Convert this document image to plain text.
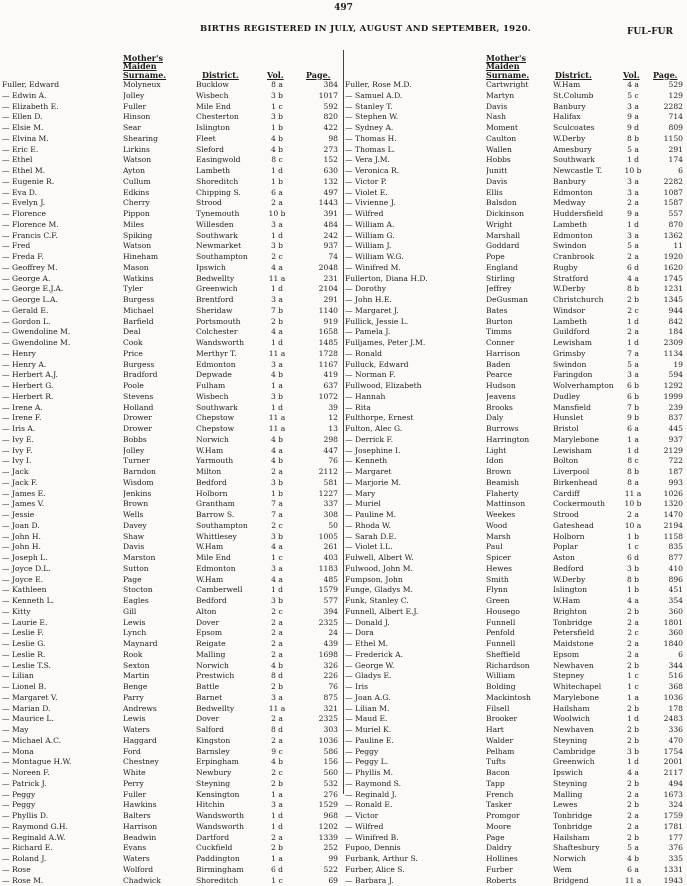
497
BIRTHS REGISTERED IN JULY, AUGUST AND SEPTEMBER, 1920.	FUL-FUR
Mother's
Maiden
Surname.	District.	Vol.	Page.
Fuller, Edward	Molyneux	Bucklow	8 a	384
— Edwin A.	Jolley	Wisbech	3 b	1017
— Elizabeth E.	Fuller	Mile End	1 c	592
— Ellen D.	Hinson	Chesterton	3 b	820
— Elsie M.	Sear	Islington	1 b	422
— Elvina M.	Shearing	Fleet	4 b	98
— Eric E.	Lirkins	Sleford	4 b	273
— Ethel	Watson	Easingwold	8 c	152
— Ethel M.	Ayton	Lambeth	1 d	630
— Eugenie R.	Cullum	Shoreditch	1 b	132
— Eva D.	Edkins	Chipping S.	6 a	497
— Evelyn J.	Cherry	Strood	2 a	1443
— Florence	Pippon	Tynemouth	10 b	391
— Florence M.	Miles	Willesden	3 a	484
— Francis C.F.	Spiking	Southwark	1 d	242
— Fred	Watson	Newmarket	3 b	937
— Freda F.	Hineham	Southampton	2 c	74
— Geoffrey M.	Mason	Ipswich	4 a	2048
— George A.	Watkins	Bedwellty	11 a	231
— George E.J.A.	Tyler	Greenwich	1 d	2104
— George L.A.	Burgess	Brentford	3 a	291
— Gerald E.	Michael	Sheridaw	7 b	1140
— Gordon L.	Barfield	Portsmouth	2 b	919
— Gwendoline M.	Deal	Colchester	4 a	1658
— Gwendoline M.	Cook	Wandsworth	1 d	1485
— Henry	Price	Merthyr T.	11 a	1728
— Henry A.	Burgess	Edmonton	3 a	1167
— Herbert A.J.	Bradford	Depwade	4 b	419
— Herbert G.	Poole	Fulham	1 a	637
— Herbert R.	Stevens	Wisbech	3 b	1072
— Irene A.	Holland	Southwark	1 d	39
— Irene F.	Drower	Chepstow	11 a	12
— Iris A.	Drower	Chepstow	11 a	13
— Ivy E.	Bobbs	Norwich	4 b	298
— Ivy F.	Jolley	W.Ham	4 a	447
— Ivy I.	Turner	Yarmouth	4 b	76
— Jack	Barndon	Milton	2 a	2112
— Jack F.	Wisdom	Bedford	3 b	581
— James E.	Jenkins	Holborn	1 b	1227
— James V.	Brown	Grantham	7 a	337
— Jessie	Wells	Barrow S.	7 a	308
— Joan D.	Davey	Southampton	2 c	50
— John H.	Shaw	Whittlesey	3 b	1005
— John H.	Davis	W.Ham	4 a	261
— Joseph L.	Marston	Mile End	1 c	403
— Joyce D.L.	Sutton	Edmonton	3 a	1183
— Joyce E.	Page	W.Ham	4 a	485
— Kathleen	Stocton	Camberwell	1 d	1579
— Kenneth L.	Eagles	Bedford	3 b	577
— Kitty	Gill	Alton	2 c	394
— Laurie E.	Lewis	Dover	2 a	2325
— Leslie F.	Lynch	Epsom	2 a	24
— Leslie G.	Maynard	Reigate	2 a	439
— Leslie R.	Rook	Malling	2 a	1698
— Leslie T.S.	Sexton	Norwich	4 b	326
— Lilian	Martin	Prestwich	8 d	226
— Lionel B.	Benge	Battle	2 b	76
— Margaret V.	Parry	Barnet	3 a	875
— Marian D.	Andrews	Bedwellty	11 a	321
— Maurice L.	Lewis	Dover	2 a	2325
— May	Waters	Salford	8 d	303
— Michael A.C.	Haggard	Kingston	2 a	1036
— Mona	Ford	Barnsley	9 c	586
— Montague H.W.	Chestney	Erpingham	4 b	156
— Noreen F.	White	Newbury	2 c	560
— Patrick J.	Perry	Steyning	2 b	532
— Peggy	Fuller	Kensington	1 a	276
— Peggy	Hawkins	Hitchin	3 a	1529
— Phyllis D.	Balters	Wandsworth	1 d	968
— Raymond G.H.	Harrison	Wandsworth	1 d	1202
— Reginald A.W.	Beadwin	Dartford	2 a	1339
— Richard E.	Evans	Cuckfield	2 b	252
— Roland J.	Waters	Paddington	1 a	99
— Rose	Wolford	Birmingham	6 d	522
— Rose M.	Chadwick	Shoreditch	1 c	69
Mother's
Maiden
Surname.	District.	Vol. Page.
Fuller, Rose M.D.	Cartwright	W.Ham	4 a	529
— Samuel A.D.	Martyn	St.Columb	5 c	129
— Stanley T.	Davis	Banbury	3 a	2282
— Stephen W.	Nash	Halifax	9 a	714
— Sydney A.	Moment	Sculcoates	9 d	809
— Thomas H.	Caulton	W.Derby	8 b	1150
— Thomas L.	Wallen	Amesbury	5 a	291
— Vera J.M.	Hobbs	Southwark	1 d	174
— Veronica R.	Junitt	Newcastle T.	10 b	6
— Victor P.	Davis	Banbury	3 a	2282
— Violet E.	Ellis	Edmonton	3 a	1087
— Vivienne J.	Balsdon	Medway	2 a	1587
— Wilfred	Dickinson	Huddersfield	9 a	557
— William A.	Wright	Lambeth	1 d	870
— William G.	Marshall	Edmonton	3 a	1362
— William J.	Goddard	Swindon	5 a	11
— William W.G.	Pope	Cranbrook	2 a	1920
— Winifred M.	England	Rugby	6 d	1620
Fullerton, Diana H.D.	Stirling	Stratford	4 a	1745
— Dorothy	Jeffrey	W.Derby	8 b	1231
— John H.E.	DeGusman	Christchurch	2 b	1345
— Margaret J.	Bates	Windsor	2 c	944
Fullick, Jessie L.	Burton	Lambeth	1 d	842
— Pamela J.	Timms	Guildford	2 a	184
Fulljames, Peter J.M.	Conner	Lewisham	1 d	2309
— Ronald	Harrison	Grimsby	7 a	1134
Fulluck, Edward	Baden	Swindon	5 a	19
— Norman F.	Pearce	Faringdon	3 a	594
Fullwood, Elizabeth	Hudson	Wolverhampton	6 b	1292
— Hannah	Jeavens	Dudley	6 b	1999
— Rita	Brooks	Mansfield	7 b	239
Fulthorpe, Ernest	Daly	Hunslet	9 b	837
Fulton, Alec G.	Burrows	Bristol	6 a	445
— Derrick F.	Harrington	Marylebone	1 a	937
— Josephine I.	Light	Lewisham	1 d	2129
— Kenneth	Idon	Bolton	8 c	722
— Margaret	Brown	Liverpool	8 b	187
— Marjorie M.	Beamish	Birkenhead	8 a	993
— Mary	Flaherty	Cardiff	11 a	1026
— Muriel	Mattinson	Cockermouth	10 b	1320
— Pauline M.	Weekes	Strood	2 a	1470
— Rhoda W.	Wood	Gateshead	10 a	2194
— Sarah D.E.	Marsh	Holborn	1 b	1158
— Violet I.L.	Paul	Poplar	1 c	835
Fulwell, Albert W.	Spicer	Aston	6 d	877
Fulwood, John M.	Hewes	Bedford	3 b	410
Fumpson, John	Smith	W.Derby	8 b	896
Funge, Gladys M.	Flynn	Islington	1 b	451
Funk, Stanley C.	Green	W.Ham	4 a	354
Funnell, Albert E.J.	Housego	Brighton	2 b	360
— Donald J.	Funnell	Tonbridge	2 a	1801
— Dora	Penfold	Petersfield	2 c	360
— Ethel M.	Funnell	Maidstone	2 a	1840
— Frederick A.	Sheffield	Epsom	2 a	6
— George W.	Richardson	Newhaven	2 b	344
— Gladys E.	William	Stepney	1 c	516
— Iris	Bolding	Whitechapel	1 c	368
— Joan A.G.	Mackintosh	Marylebone	1 a	1036
— Lilian M.	Filsell	Hailsham	2 b	178
— Maud E.	Brooker	Woolwich	1 d	2483
— Muriel K.	Hart	Newhaven	2 b	336
— Pauline E.	Walder	Steyning	2 b	470
— Peggy	Pelham	Cambridge	3 b	1754
— Peggy L.	Tufts	Greenwich	1 d	2001
— Phyllis M.	Bacon	Ipswich	4 a	2117
— Raymond S.	Tapp	Steyning	2 b	494
— Reginald J.	French	Malling	2 a	1673
— Ronald E.	Tasker	Lewes	2 b	324
— Victor	Promgor	Tonbridge	2 a	1759
— Wilfred	Moore	Tonbridge	2 a	1781
— Winifred B.	Page	Hailsham	2 b	177
Fupoo, Dennis	Daldry	Shaftesbury	5 a	376
Furbank, Arthur S.	Hollines	Norwich	4 b	335
Furber, Alice S.	Furber	Wem	6 a	1331
— Barbara J.	Roberts	Bridgend	11 a	1943
